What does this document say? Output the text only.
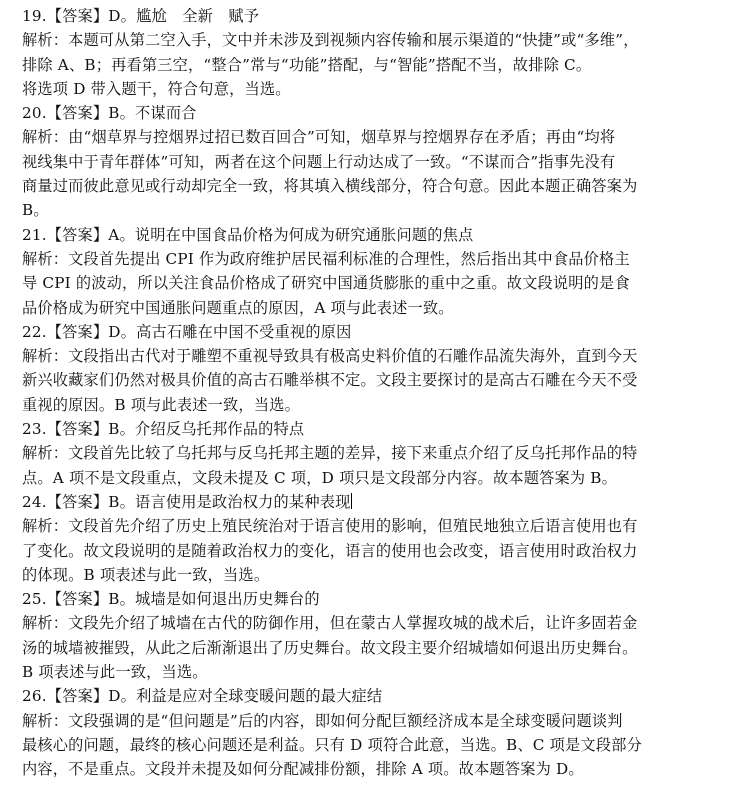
19.【答案】D。尴尬　全新　赋予
解析：本题可从第二空入手，文中并未涉及到视频内容传输和展示渠道的“快捷”或“多维”，
排除 A、B；再看第三空，“整合”常与“功能”搭配，与“智能”搭配不当，故排除 C。
将选项 D 带入题干，符合句意，当选。
20.【答案】B。不谋而合
解析：由“烟草界与控烟界过招已数百回合”可知，烟草界与控烟界存在矛盾；再由“均将
视线集中于青年群体”可知，两者在这个问题上行动达成了一致。“不谋而合”指事先没有
商量过而彼此意见或行动却完全一致，将其填入横线部分，符合句意。因此本题正确答案为
B。
21.【答案】A。说明在中国食品价格为何成为研究通胀问题的焦点
解析：文段首先提出 CPI 作为政府维护居民福利标准的合理性，然后指出其中食品价格主
导 CPI 的波动，所以关注食品价格成了研究中国通货膨胀的重中之重。故文段说明的是食
品价格成为研究中国通胀问题重点的原因，A 项与此表述一致。
22.【答案】D。高古石雕在中国不受重视的原因
解析：文段指出古代对于雕塑不重视导致具有极高史料价值的石雕作品流失海外，直到今天
新兴收藏家们仍然对极具价值的高古石雕举棋不定。文段主要探讨的是高古石雕在今天不受
重视的原因。B 项与此表述一致，当选。
23.【答案】B。介绍反乌托邦作品的特点
解析：文段首先比较了乌托邦与反乌托邦主题的差异，接下来重点介绍了反乌托邦作品的特
点。A 项不是文段重点，文段未提及 C 项，D 项只是文段部分内容。故本题答案为 B。
24.【答案】B。语言使用是政治权力的某种表现
解析：文段首先介绍了历史上殖民统治对于语言使用的影响，但殖民地独立后语言使用也有
了变化。故文段说明的是随着政治权力的变化，语言的使用也会改变，语言使用时政治权力
的体现。B 项表述与此一致，当选。
25.【答案】B。城墙是如何退出历史舞台的
解析：文段先介绍了城墙在古代的防御作用，但在蒙古人掌握攻城的战术后，让许多固若金
汤的城墙被摧毁，从此之后渐渐退出了历史舞台。故文段主要介绍城墙如何退出历史舞台。
B 项表述与此一致，当选。
26.【答案】D。利益是应对全球变暖问题的最大症结
解析：文段强调的是“但问题是”后的内容，即如何分配巨额经济成本是全球变暖问题谈判
最核心的问题，最终的核心问题还是利益。只有 D 项符合此意，当选。B、C 项是文段部分
内容，不是重点。文段并未提及如何分配减排份额，排除 A 项。故本题答案为 D。
